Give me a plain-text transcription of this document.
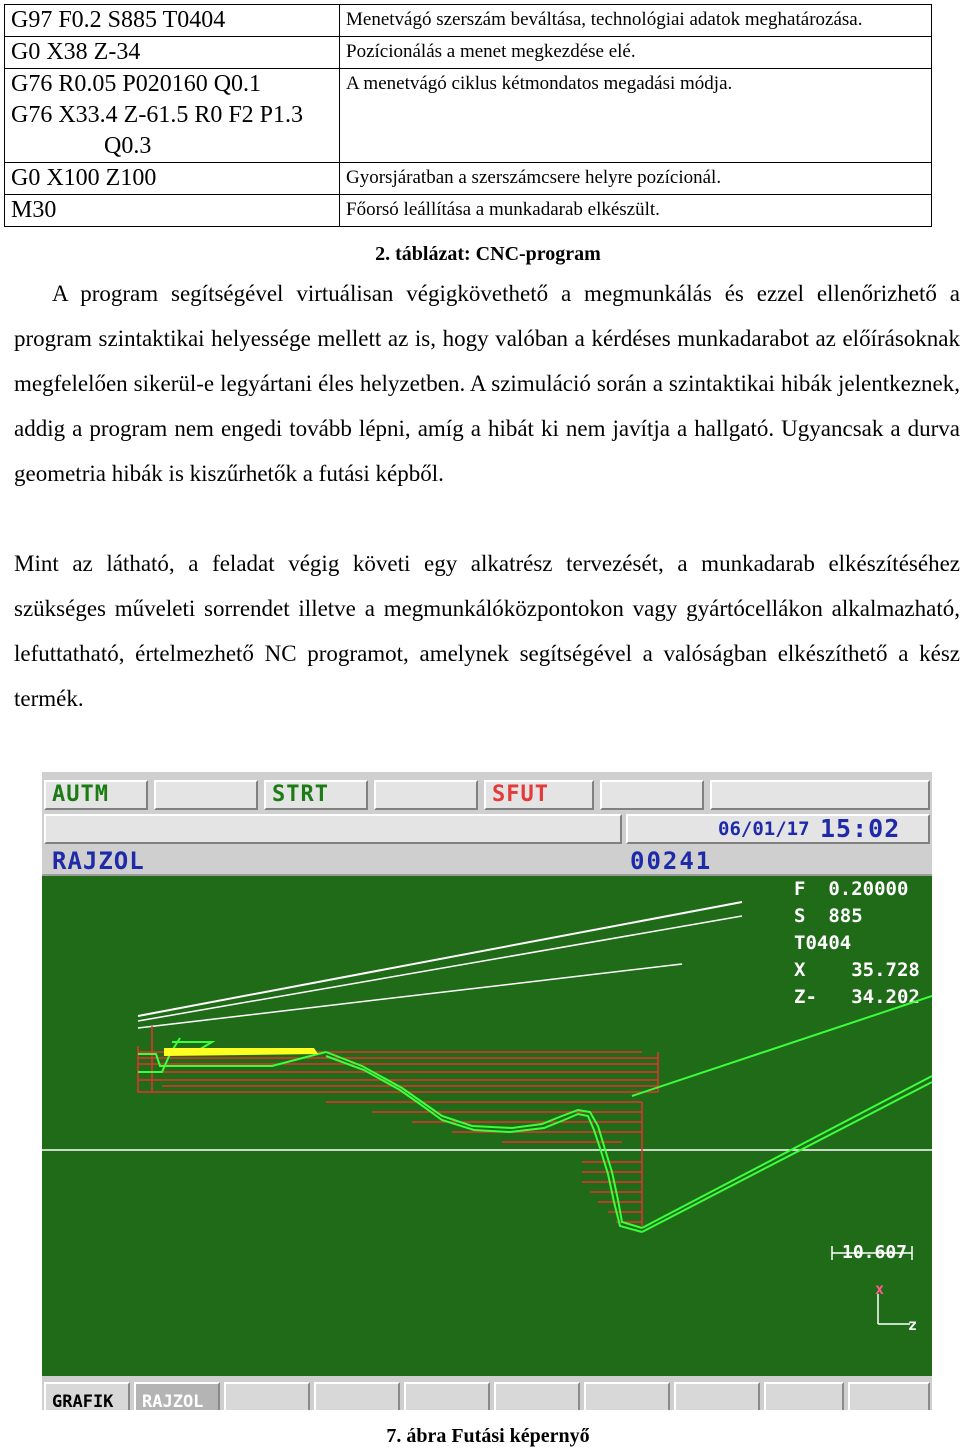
G97 F0.2 S885 T0404	Menetvágó szerszám beváltása, technológiai adatok meghatározása.
G0 X38 Z-34	Pozícionálás a menet megkezdése elé.

G76 R0.05 P020160 Q0.1
G76 X33.4 Z-61.5 R0 F2 P1.3
Q0.3	A menetvágó ciklus kétmondatos megadási módja.
G0 X100 Z100	Gyorsjáratban a szerszámcsere helyre pozícionál.
M30	Főorsó leállítása a munkadarab elkészült.
2. táblázat: CNC-program

A program segítségével virtuálisan végigkövethető a megmunkálás és ezzel ellenőrizhető a program szintaktikai helyessége mellett az is, hogy valóban a kérdéses munkadarabot az előírásoknak megfelelően sikerül-e legyártani éles helyzetben. A szimuláció során a szintaktikai hibák jelentkeznek, addig a program nem engedi tovább lépni, amíg a hibát ki nem javítja a hallgató. Ugyancsak a durva geometria hibák is kiszűrhetők a futási képből.

Mint az látható, a feladat végig követi egy alkatrész tervezését, a munkadarab elkészítéséhez szükséges műveleti sorrendet illetve a megmunkálóközpontokon vagy gyártócellákon alkalmazható, lefuttatható, értelmezhető NC programot, amelynek segítségével a valóságban elkészíthető a kész termék.

AUTM	STRT	SFUT
06/01/17 15:02
RAJZOL	00241
F 0.20000
S 885
T0404
X 35.728
Z- 34.202
10.607
x
z
GRAFIK	RAJZOL
7. ábra Futási képernyő
